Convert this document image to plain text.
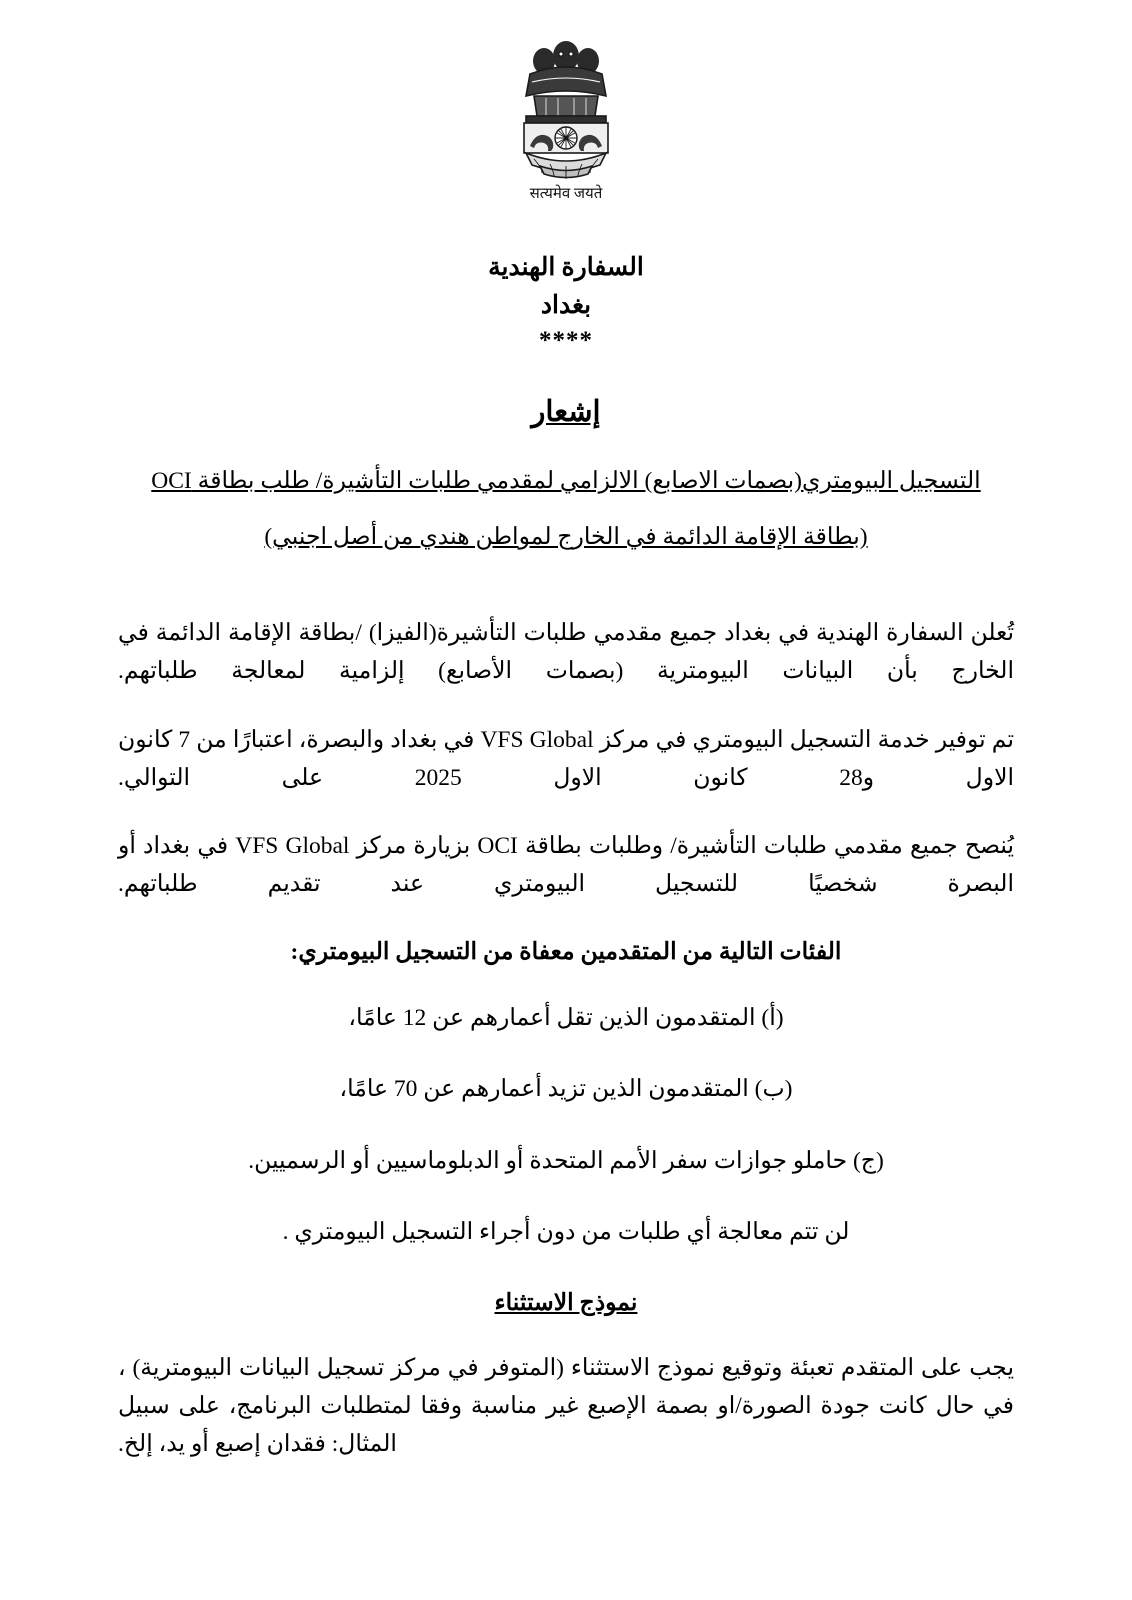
सत्यमेव जयते
السفارة الهندية
بغداد
****
إشعار
التسجيل البيومتري(بصمات الاصابع) الالزامي لمقدمي طلبات التأشيرة/ طلب بطاقة OCI
(بطاقة الإقامة الدائمة في الخارج لمواطن هندي من أصل اجنبي)

تُعلن السفارة الهندية في بغداد جميع مقدمي طلبات التأشيرة(الفيزا) /بطاقة الإقامة الدائمة في الخارج بأن البيانات البيومترية (بصمات الأصابع) إلزامية لمعالجة طلباتهم.

تم توفير خدمة التسجيل البيومتري في مركز VFS Global في بغداد والبصرة، اعتبارًا من 7 كانون الاول و28 كانون الاول 2025 على التوالي.

يُنصح جميع مقدمي طلبات التأشيرة/ وطلبات بطاقة OCI بزيارة مركز VFS Global في بغداد أو البصرة شخصيًا للتسجيل البيومتري عند تقديم طلباتهم.

الفئات التالية من المتقدمين معفاة من التسجيل البيومتري:

(أ) المتقدمون الذين تقل أعمارهم عن 12 عامًا،

(ب) المتقدمون الذين تزيد أعمارهم عن 70 عامًا،

(ج) حاملو جوازات سفر الأمم المتحدة أو الدبلوماسيين أو الرسميين.

لن تتم معالجة أي طلبات من دون أجراء التسجيل البيومتري .

نموذج الاستثناء

يجب على المتقدم تعبئة وتوقيع نموذج الاستثناء (المتوفر في مركز تسجيل البيانات البيومترية) ، في حال كانت جودة الصورة/او بصمة الإصبع غير مناسبة وفقا لمتطلبات البرنامج، على سبيل المثال: فقدان إصبع أو يد، إلخ.
